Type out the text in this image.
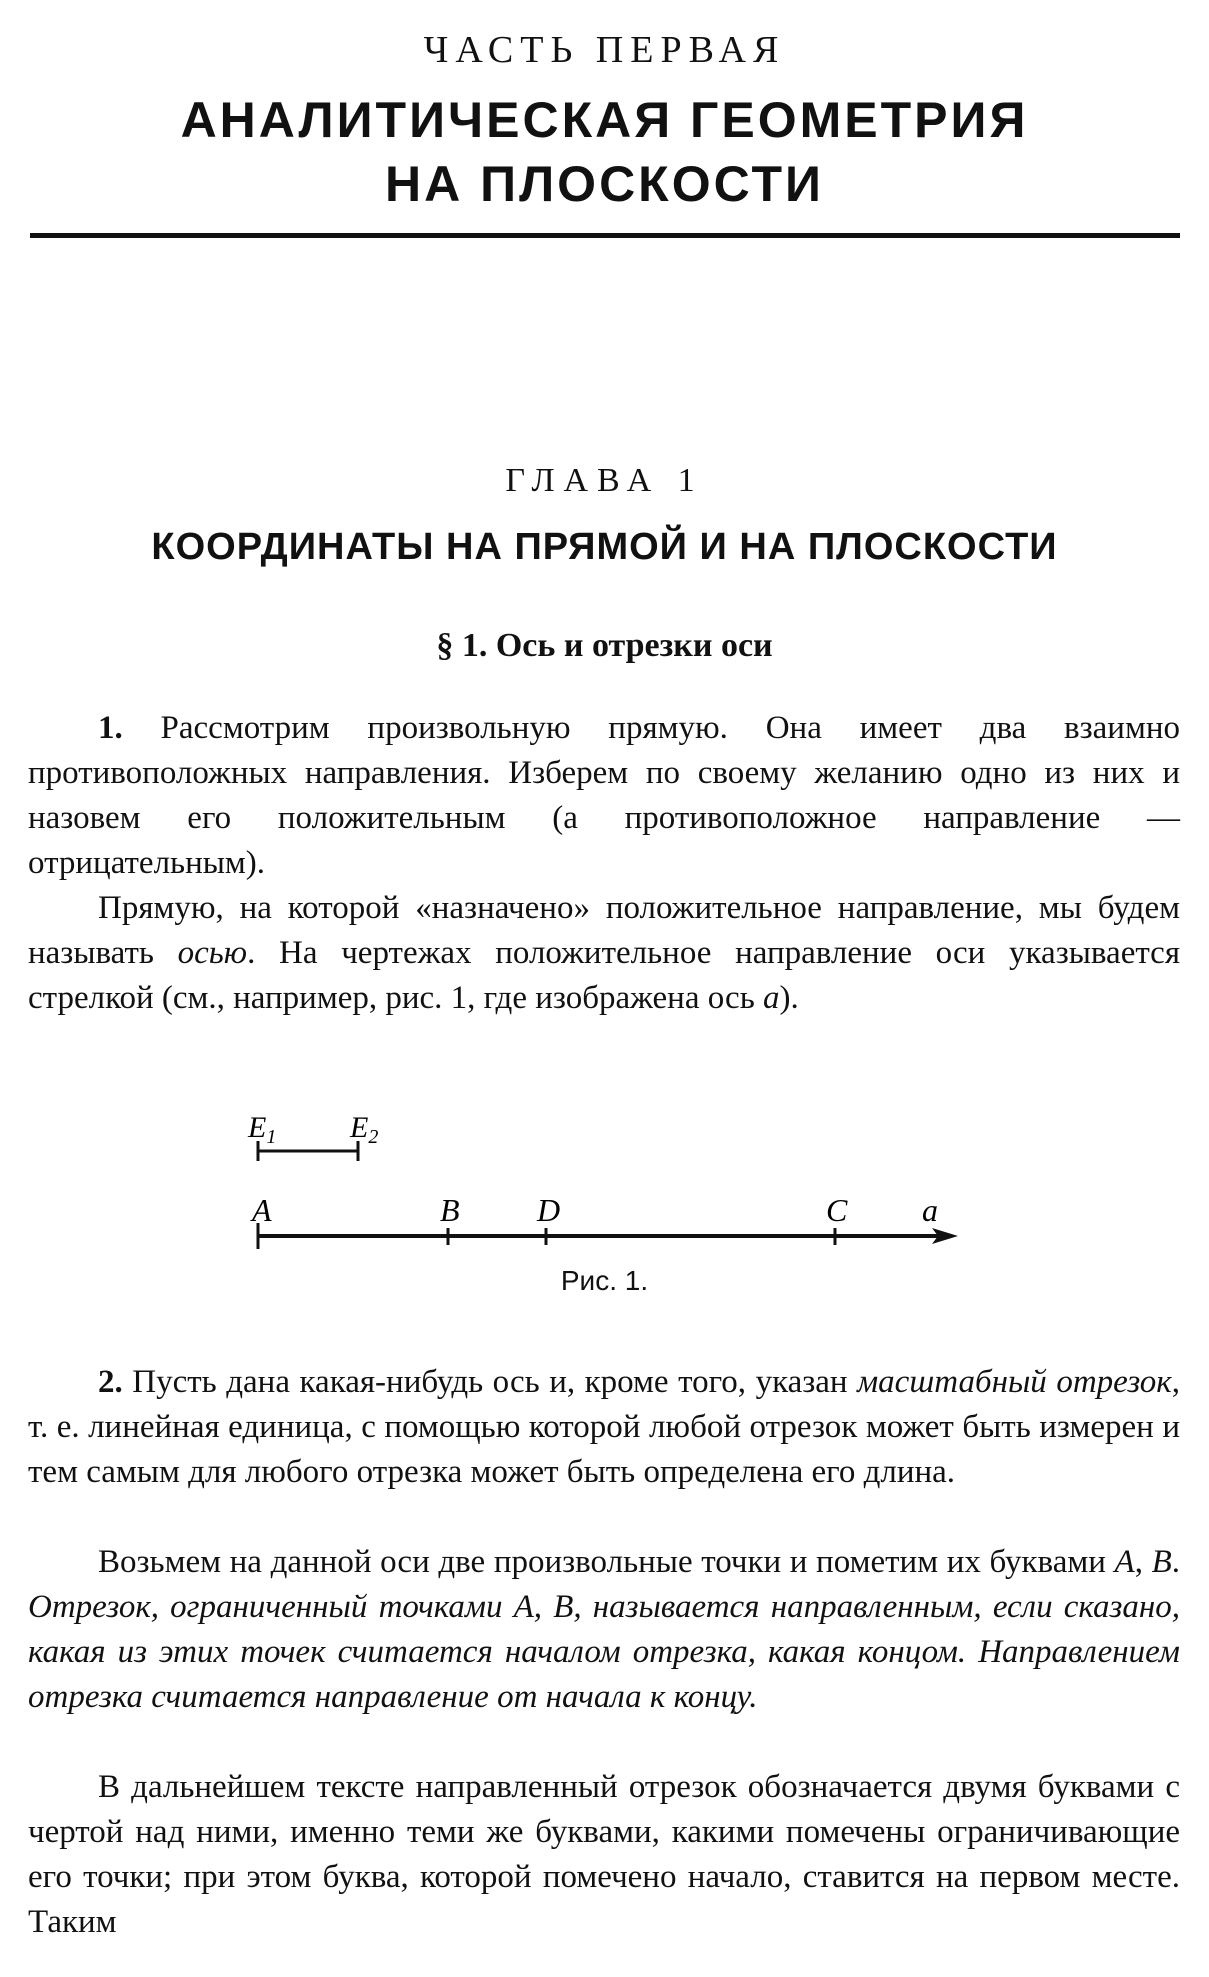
ЧАСТЬ ПЕРВАЯ
АНАЛИТИЧЕСКАЯ ГЕОМЕТРИЯ
НА ПЛОСКОСТИ
ГЛАВА 1
КООРДИНАТЫ НА ПРЯМОЙ И НА ПЛОСКОСТИ
§ 1. Ось и отрезки оси
1. Рассмотрим произвольную прямую. Она имеет два взаимно противоположных направления. Изберем по своему желанию одно из них и назовем его положительным (а противоположное направление — отрицательным).
Прямую, на которой «назначено» положительное направление, мы будем называть осью. На чертежах положительное направление оси указывается стрелкой (см., например, рис. 1, где изображена ось a).
$E_1$ $E_2$
A	B D	C a
Рис. 1.
2. Пусть дана какая-нибудь ось и, кроме того, указан масштабный отрезок, т. е. линейная единица, с помощью которой любой отрезок может быть измерен и тем самым для любого отрезка может быть определена его длина.
Возьмем на данной оси две произвольные точки и пометим их буквами A, B. Отрезок, ограниченный точками A, B, называется направленным, если сказано, какая из этих точек считается началом отрезка, какая концом. Направлением отрезка считается направление от начала к концу.
В дальнейшем тексте направленный отрезок обозначается двумя буквами с чертой над ними, именно теми же буквами, какими помечены ограничивающие его точки; при этом буква, которой помечено начало, ставится на первом месте. Таким
